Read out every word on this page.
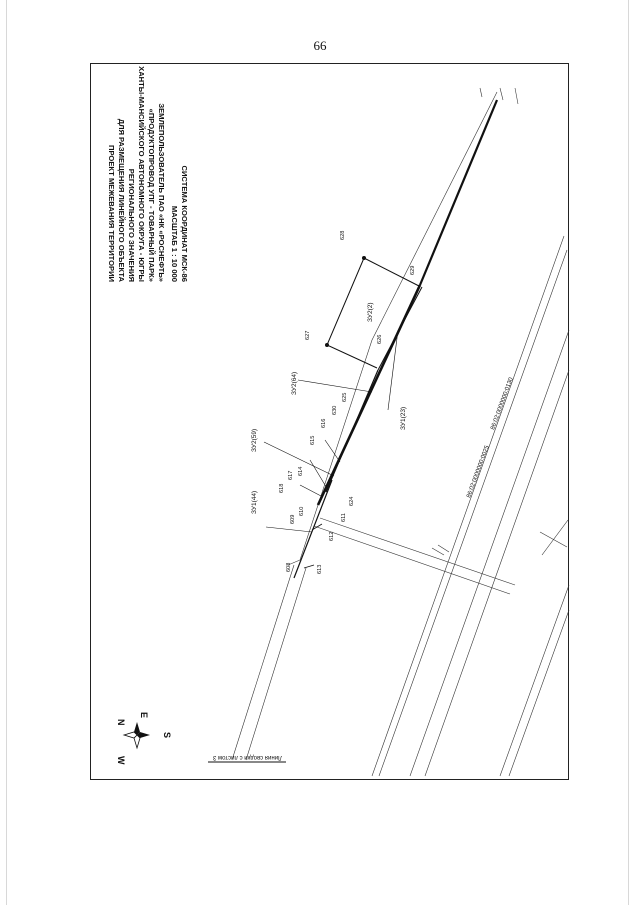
66
ПРОЕКТ МЕЖЕВАНИЯ ТЕРРИТОРИИ ДЛЯ РАЗМЕЩЕНИЯ ЛИНЕЙНОГО ОБЪЕКТА РЕГИОНАЛЬНОГО ЗНАЧЕНИЯ ХАНТЫ-МАНСИЙСКОГО АВТОНОМНОГО ОКРУГА - ЮГРЫ «ПРОДУКТОПРОВОД УПГ - ТОВАРНЫЙ ПАРК» ЗЕМЛЕПОЛЬЗОВАТЕЛЬ ПАО «НК «РОСНЕФТЬ» МАСШТАБ 1 : 10 000 СИСТЕМА КООРДИНАТ МСК-86
N
E
S
W	Линия сводки с листом 3
ЗУ1(44)
ЗУ2(59)
ЗУ2(64)
ЗУ2(2)
ЗУ1(23)
86:02:0000000:0025
86:02:0000000:0130
608
609
610
611
612
613
614
615
616
617
618
624
625
626
627
628
629
630
